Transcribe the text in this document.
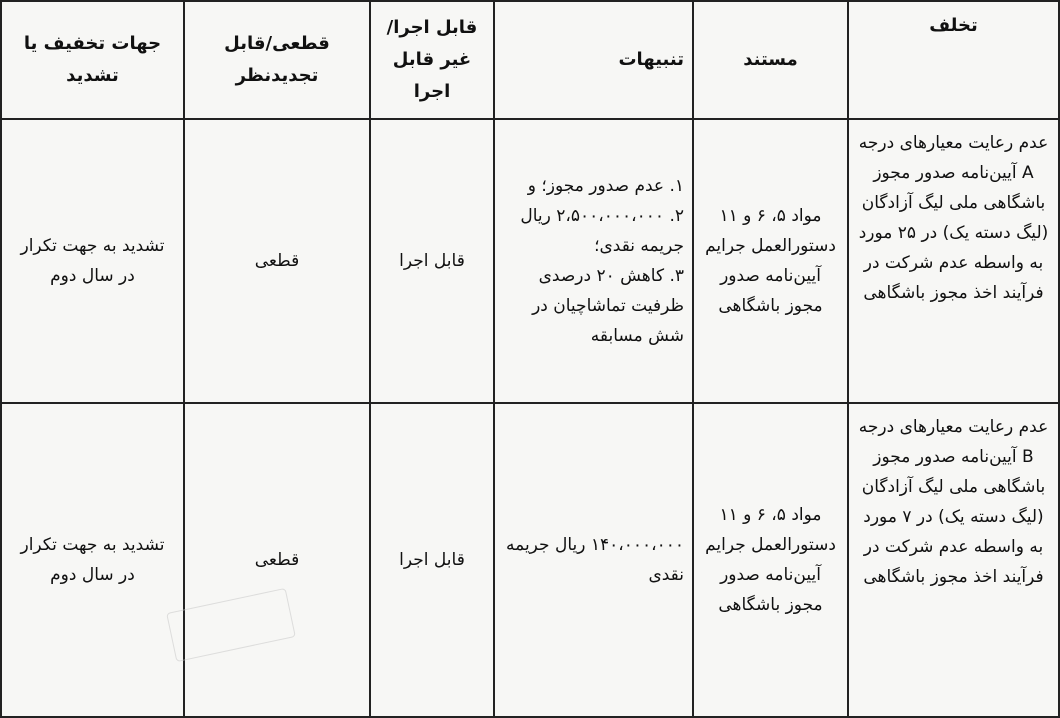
تخلف	مستند	تنبیهات	قابل اجرا/غیر قابل اجرا	قطعی/قابل تجدیدنظر	جهات تخفیف یا تشدید
عدم رعایت معیارهای درجه A آیین‌نامه صدور مجوز باشگاهی ملی لیگ آزادگان (لیگ دسته یک) در ۲۵ مورد به واسطه عدم شرکت در فرآیند اخذ مجوز باشگاهی	مواد ۵، ۶ و ۱۱ دستورالعمل جرایم آیین‌نامه صدور مجوز باشگاهی	۱. عدم صدور مجوز؛ و
۲. ۲،۵۰۰،۰۰۰،۰۰۰ ریال جریمه نقدی؛
۳. کاهش ۲۰ درصدی ظرفیت تماشاچیان در شش مسابقه	قابل اجرا	قطعی	تشدید به جهت تکرار در سال دوم
عدم رعایت معیارهای درجه B آیین‌نامه صدور مجوز باشگاهی ملی لیگ آزادگان (لیگ دسته یک) در ۷ مورد به واسطه عدم شرکت در فرآیند اخذ مجوز باشگاهی	مواد ۵، ۶ و ۱۱ دستورالعمل جرایم آیین‌نامه صدور مجوز باشگاهی	۱۴۰،۰۰۰،۰۰۰ ریال جریمه نقدی	قابل اجرا	قطعی	تشدید به جهت تکرار در سال دوم
